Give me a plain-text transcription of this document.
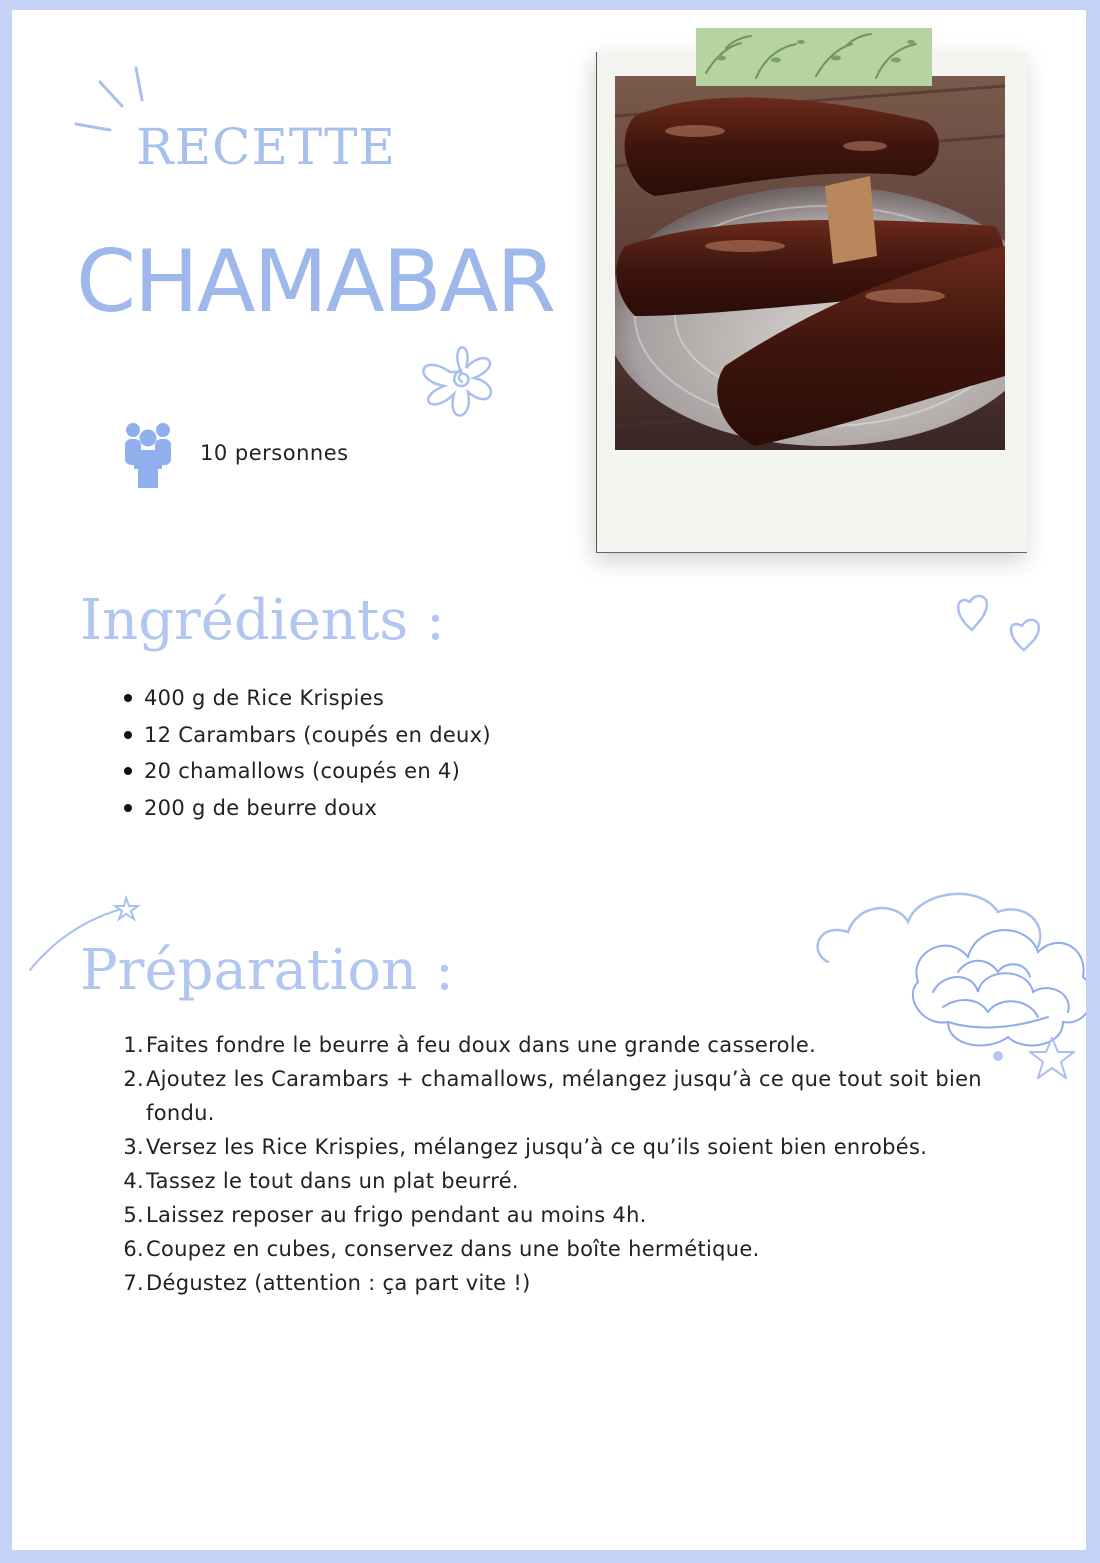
RECETTE
CHAMABAR
10 personnes
Ingrédients :
400 g de Rice Krispies
12 Carambars (coupés en deux)
20 chamallows (coupés en 4)
200 g de beurre doux
Préparation :
1. Faites fondre le beurre à feu doux dans une grande casserole.
2. Ajoutez les Carambars + chamallows, mélangez jusqu’à ce que tout soit bien fondu.
3. Versez les Rice Krispies, mélangez jusqu’à ce qu’ils soient bien enrobés.
4. Tassez le tout dans un plat beurré.
5. Laissez reposer au frigo pendant au moins 4h.
6. Coupez en cubes, conservez dans une boîte hermétique.
7. Dégustez (attention : ça part vite !)
